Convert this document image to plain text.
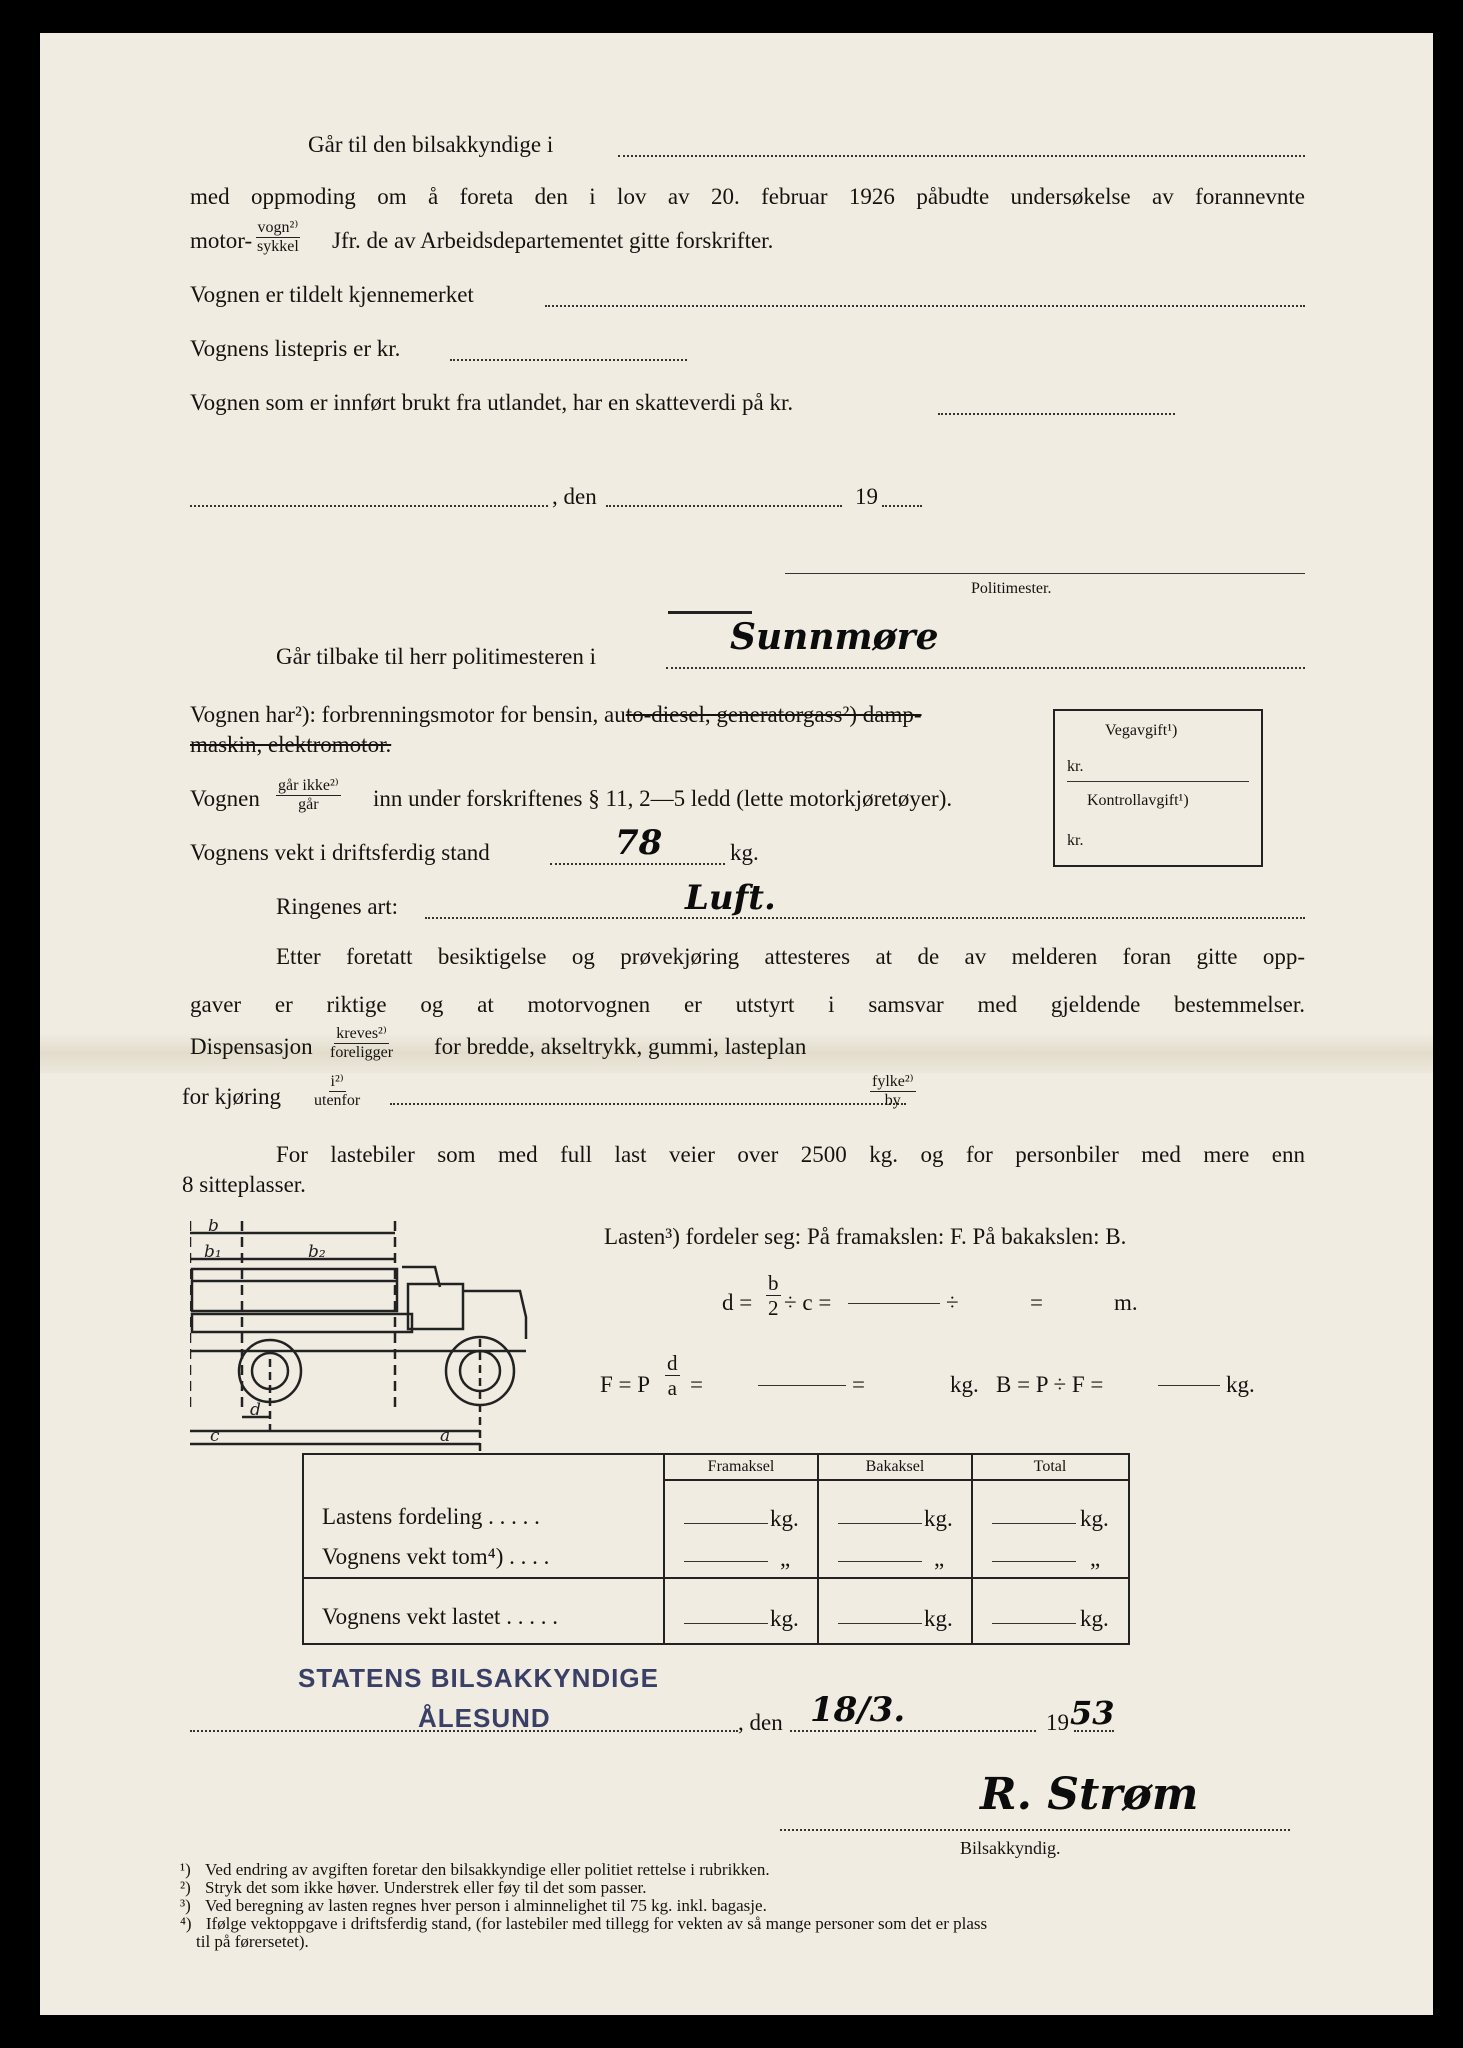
Går til den bilsakkyndige i
med oppmoding om å foreta den i lov av 20. februar 1926 påbudte undersøkelse av forannevnte
motor-
vogn²⁾
sykkel Jfr. de av Arbeidsdepartementet gitte forskrifter.
Vognen er tildelt kjennemerket
Vognens listepris er kr.
Vognen som er innført brukt fra utlandet, har en skatteverdi på kr.
, den	19
Politimester.
Går tilbake til herr politimesteren i	Sunnmøre
Vognen har²): forbrenningsmotor for bensin, auto-diesel, generatorgass²) damp-
maskin, elektromotor.
Vognen
går ikke²⁾
går inn under forskriftenes § 11, 2—5 ledd (lette motorkjøretøyer).
Vognens vekt i driftsferdig stand	78	kg.
Ringenes art:	Luft.
Vegavgift¹)
kr.
Kontrollavgift¹)
kr.
Etter foretatt besiktigelse og prøvekjøring attesteres at de av melderen foran gitte opp-
gaver er riktige og at motorvognen er utstyrt i samsvar med gjeldende bestemmelser.
Dispensasjon
kreves²⁾
foreligger for bredde, akseltrykk, gummi, lasteplan
for kjøring
i²⁾
utenfor
fylke²⁾
by
For lastebiler som med full last veier over 2500 kg. og for personbiler med mere enn
8 sitteplasser.
b
b₁	b₂
d
c	a
Lasten³) fordeler seg: På framakslen: F. På bakakslen: B.
$d = \frac{b}{2} \div c$ =	÷	=	m.
F = P $\frac{d}{a}$ =	=	kg. B = P ÷ F =	kg.
Framaksel	Bakaksel	Total
Lastens fordeling . . . . .	kg.	kg.	kg.
Vognens vekt tom⁴) . . . .	„	„	„
Vognens vekt lastet . . . . .	kg.	kg.	kg.
STATENS BILSAKKYNDIGE
ÅLESUND	, den 18/3.	19 53
R. Strøm
Bilsakkyndig.
¹) Ved endring av avgiften foretar den bilsakkyndige eller politiet rettelse i rubrikken.
²) Stryk det som ikke høver. Understrek eller føy til det som passer.
³) Ved beregning av lasten regnes hver person i alminnelighet til 75 kg. inkl. bagasje.
⁴) Ifølge vektoppgave i driftsferdig stand, (for lastebiler med tillegg for vekten av så mange personer som det er plass
til på førersetet).
